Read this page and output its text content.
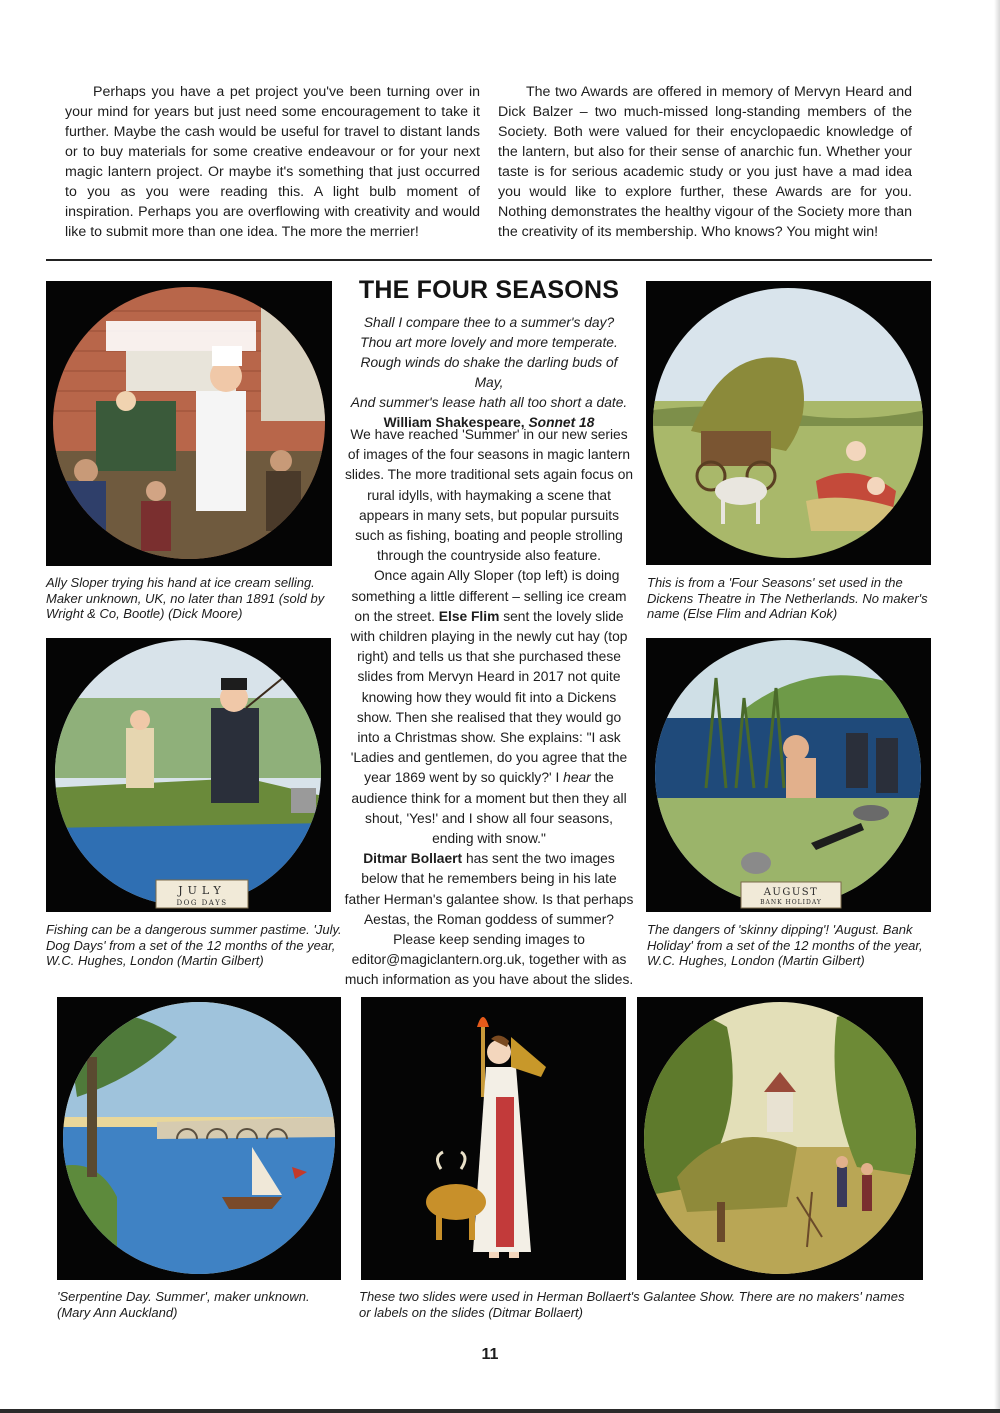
Perhaps you have a pet project you've been turning over in your mind for years but just need some encouragement to take it further. Maybe the cash would be useful for travel to distant lands or to buy materials for some creative endeavour or for your next magic lantern project. Or maybe it's something that just occurred to you as you were reading this. A light bulb moment of inspiration. Perhaps you are overflowing with creativity and would like to submit more than one idea. The more the merrier!

The two Awards are offered in memory of Mervyn Heard and Dick Balzer – two much-missed long-standing members of the Society. Both were valued for their encyclopaedic knowledge of the lantern, but also for their sense of anarchic fun. Whether your taste is for serious academic study or you just have a mad idea you would like to explore further, these Awards are for you. Nothing demonstrates the healthy vigour of the Society more than the creativity of its membership. Who knows? You might win!

Ally Sloper trying his hand at ice cream selling. Maker unknown, UK, no later than 1891 (sold by Wright & Co, Bootle) (Dick Moore)

This is from a 'Four Seasons' set used in the Dickens Theatre in The Netherlands. No maker's name (Else Flim and Adrian Kok)

THE FOUR SEASONS
Shall I compare thee to a summer's day?
Thou art more lovely and more temperate.
Rough winds do shake the darling buds of May,
And summer's lease hath all too short a date.
William Shakespeare, Sonnet 18

We have reached 'Summer' in our new series of images of the four seasons in magic lantern slides. The more traditional sets again focus on rural idylls, with haymaking a scene that appears in many sets, but popular pursuits such as fishing, boating and people strolling through the countryside also feature.

Once again Ally Sloper (top left) is doing something a little different – selling ice cream on the street. Else Flim sent the lovely slide with children playing in the newly cut hay (top right) and tells us that she purchased these slides from Mervyn Heard in 2017 not quite knowing how they would fit into a Dickens show. Then she realised that they would go into a Christmas show. She explains: "I ask 'Ladies and gentlemen, do you agree that the year 1869 went by so quickly?' I hear the audience think for a moment but then they all shout, 'Yes!' and I show all four seasons, ending with snow."

Ditmar Bollaert has sent the two images below that he remembers being in his late father Herman's galantee show. Is that perhaps Aestas, the Roman goddess of summer?

Please keep sending images to editor@magiclantern.org.uk, together with as much information as you have about the slides.

JULY
DOG DAYS

Fishing can be a dangerous summer pastime. 'July. Dog Days' from a set of the 12 months of the year, W.C. Hughes, London (Martin Gilbert)

AUGUST
BANK HOLIDAY

The dangers of 'skinny dipping'! 'August. Bank Holiday' from a set of the 12 months of the year, W.C. Hughes, London (Martin Gilbert)

'Serpentine Day. Summer', maker unknown. (Mary Ann Auckland)

These two slides were used in Herman Bollaert's Galantee Show. There are no makers' names or labels on the slides (Ditmar Bollaert)

11
